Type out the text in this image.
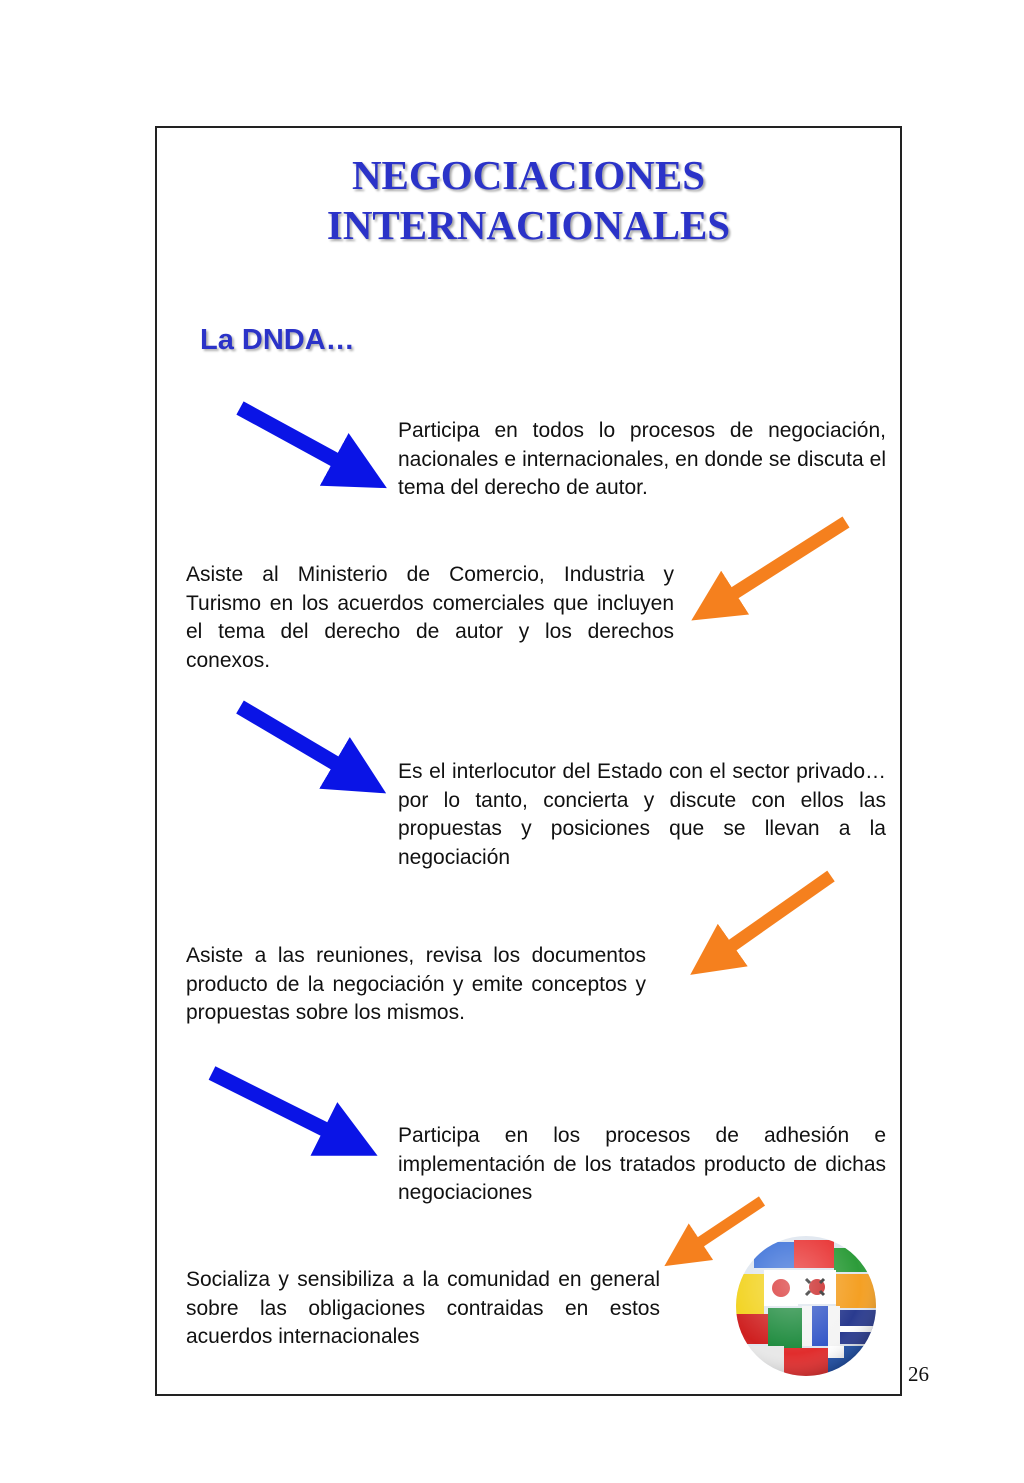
NEGOCIACIONES
INTERNACIONALES
La DNDA…

Participa en todos lo procesos de negociación, nacionales e internacionales, en donde se discuta el tema del derecho de autor.

Asiste al Ministerio de Comercio, Industria y Turismo en los acuerdos comerciales que incluyen el tema del derecho de autor y los derechos conexos.

Es el interlocutor del Estado con el sector privado… por lo tanto, concierta y discute con ellos las propuestas y posiciones que se llevan a la negociación

Asiste a las reuniones, revisa los documentos producto de la negociación y emite conceptos y propuestas sobre los mismos.

Participa en los procesos de adhesión e implementación de los tratados producto de dichas negociaciones

Socializa y sensibiliza a la comunidad en general sobre las obligaciones contraidas en estos acuerdos internacionales

26
